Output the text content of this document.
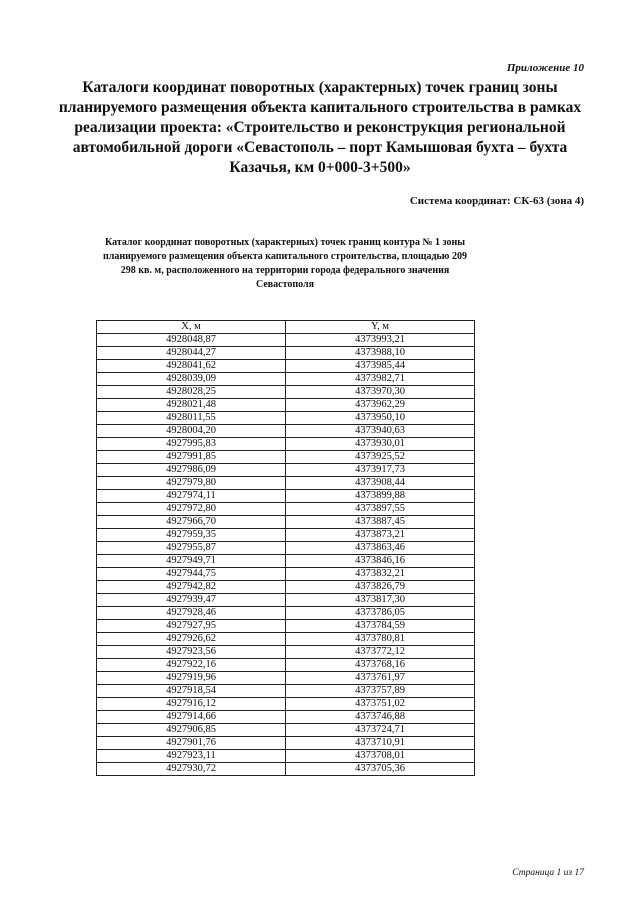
Приложение 10
Каталоги координат поворотных (характерных) точек границ зоны планируемого размещения объекта капитального строительства в рамках реализации проекта: «Строительство и реконструкция региональной автомобильной дороги «Севастополь – порт Камышовая бухта – бухта Казачья, км 0+000-3+500»
Система координат: СК-63 (зона 4)
Каталог координат поворотных (характерных) точек границ контура № 1 зоны планируемого размещения объекта капитального строительства, площадью 209 298 кв. м, расположенного на территории города федерального значения Севастополя
X, м	Y, м
4928048,87	4373993,21
4928044,27	4373988,10
4928041,62	4373985,44
4928039,09	4373982,71
4928028,25	4373970,30
4928021,48	4373962,29
4928011,55	4373950,10
4928004,20	4373940,63
4927995,83	4373930,01
4927991,85	4373925,52
4927986,09	4373917,73
4927979,80	4373908,44
4927974,11	4373899,88
4927972,80	4373897,55
4927966,70	4373887,45
4927959,35	4373873,21
4927955,87	4373863,46
4927949,71	4373846,16
4927944,75	4373832,21
4927942,82	4373826,79
4927939,47	4373817,30
4927928,46	4373786,05
4927927,95	4373784,59
4927926,62	4373780,81
4927923,56	4373772,12
4927922,16	4373768,16
4927919,96	4373761,97
4927918,54	4373757,89
4927916,12	4373751,02
4927914,66	4373746,88
4927906,85	4373724,71
4927901,76	4373710,91
4927923,11	4373708,01
4927930,72	4373705,36
Страница 1 из 17
